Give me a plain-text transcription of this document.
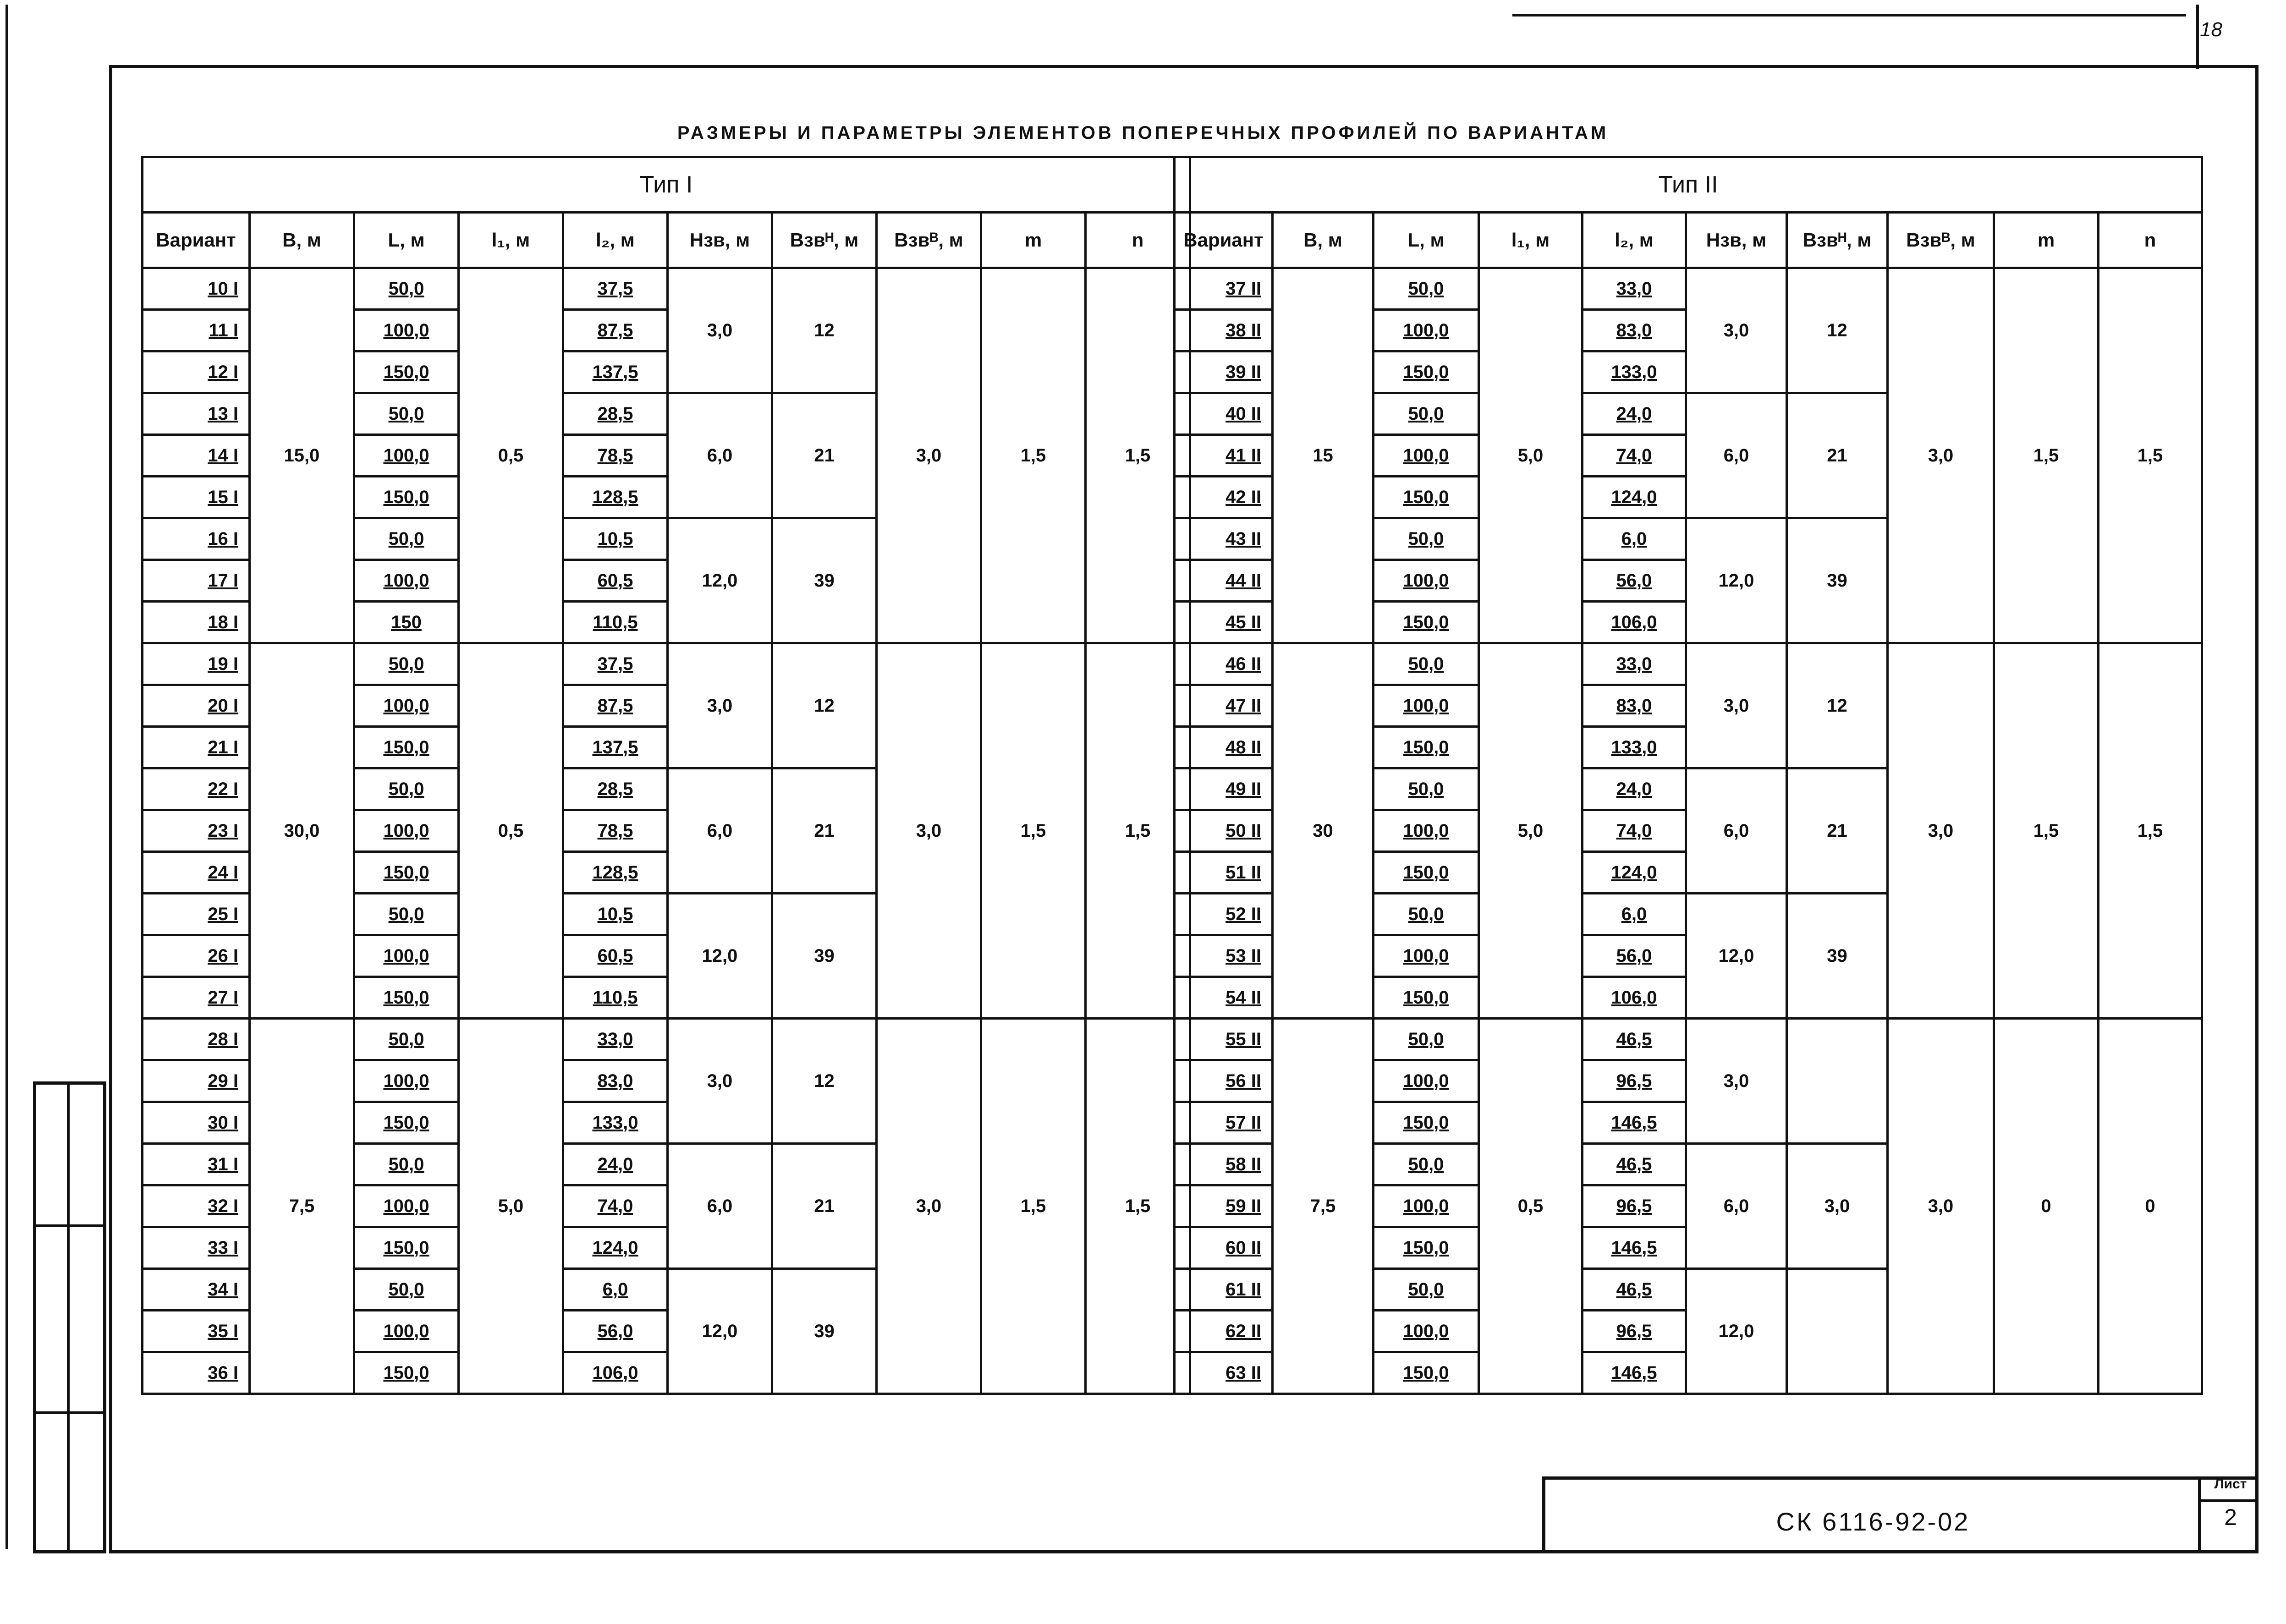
18
РАЗМЕРЫ И ПАРАМЕТРЫ ЭЛЕМЕНТОВ ПОПЕРЕЧНЫХ ПРОФИЛЕЙ ПО ВАРИАНТАМ
Тип I									
Вариант	B, м	L, м	l₁, м	l₂, м	Hзв, м	Bзвᴴ, м	Bзвᴮ, м	m	n
10 I	15,0	50,0	0,5	37,5	3,0	12	3,0	1,5	1,5
11 I		100,0		87,5					
12 I		150,0		137,5					
13 I		50,0		28,5	6,0	21			
14 I		100,0		78,5					
15 I		150,0		128,5					
16 I		50,0		10,5	12,0	39			
17 I		100,0		60,5					
18 I		150		110,5					
19 I	30,0	50,0	0,5	37,5	3,0	12	3,0	1,5	1,5
20 I		100,0		87,5					
21 I		150,0		137,5					
22 I		50,0		28,5	6,0	21			
23 I		100,0		78,5					
24 I		150,0		128,5					
25 I		50,0		10,5	12,0	39			
26 I		100,0		60,5					
27 I		150,0		110,5					
28 I	7,5	50,0	5,0	33,0	3,0	12	3,0	1,5	1,5
29 I		100,0		83,0					
30 I		150,0		133,0					
31 I		50,0		24,0	6,0	21			
32 I		100,0		74,0					
33 I		150,0		124,0					
34 I		50,0		6,0	12,0	39			
35 I		100,0		56,0					
36 I		150,0		106,0					
Тип II									
Вариант	B, м	L, м	l₁, м	l₂, м	Hзв, м	Bзвᴴ, м	Bзвᴮ, м	m	n
37 II	15	50,0	5,0	33,0	3,0	12	3,0	1,5	1,5
38 II		100,0		83,0					
39 II		150,0		133,0					
40 II		50,0		24,0	6,0	21			
41 II		100,0		74,0					
42 II		150,0		124,0					
43 II		50,0		6,0	12,0	39			
44 II		100,0		56,0					
45 II		150,0		106,0					
46 II	30	50,0	5,0	33,0	3,0	12	3,0	1,5	1,5
47 II		100,0		83,0					
48 II		150,0		133,0					
49 II		50,0		24,0	6,0	21			
50 II		100,0		74,0					
51 II		150,0		124,0					
52 II		50,0		6,0	12,0	39			
53 II		100,0		56,0					
54 II		150,0		106,0					
55 II	7,5	50,0	0,5	46,5	3,0		3,0	0	0
56 II		100,0		96,5					
57 II		150,0		146,5					
58 II		50,0		46,5	6,0	3,0			
59 II		100,0		96,5					
60 II		150,0		146,5					
61 II		50,0		46,5	12,0				
62 II		100,0		96,5					
63 II		150,0		146,5					
СК 6116-92-02
Лист
2
